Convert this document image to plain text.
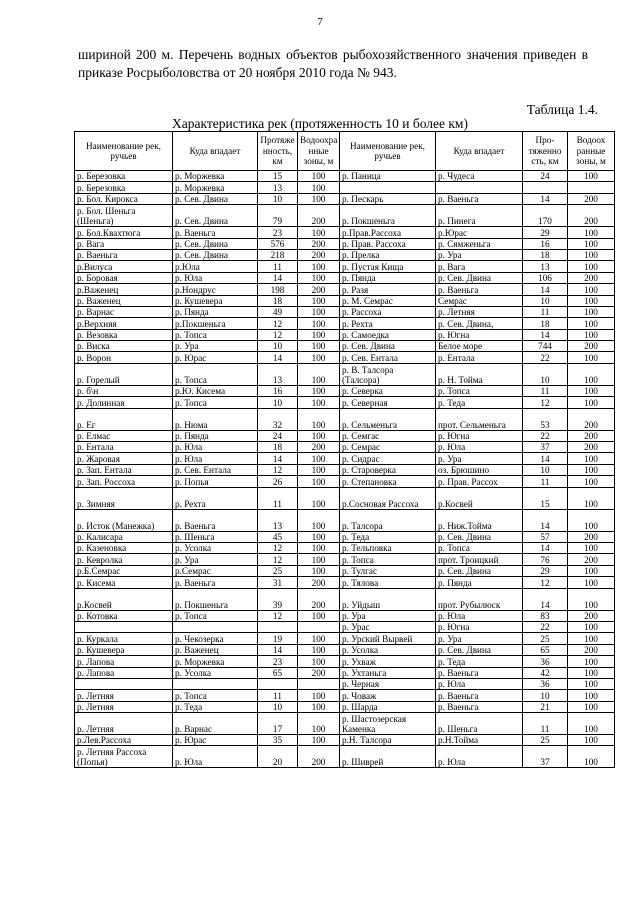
7
шириной 200 м. Перечень водных объектов рыбохозяйственного значения приведен в приказе Росрыболовства от 20 ноября 2010 года № 943.
Таблица 1.4.
Характеристика рек (протяженность 10 и более км)
Наименование рек, ручьев	Куда впадает	Протяже нность, км	Водоохра нные зоны, м	Наименование рек, ручьев	Куда впадает	Про-тяженно сть, км	Водоох ранные зоны, м
р. Березовка	р. Моржевка	15	100	р. Паница	р. Чудеса	24	100
р. Березовка	р. Моржевка	13	100				
р. Бол. Кирокса	р. Сев. Двина	10	100	р. Пескарь	р. Ваеньга	14	200
р. Бол. Шеньга (Шеньга)	р. Сев. Двина	79	200	р. Покшеньга	р. Пинега	170	200
р. Бол.Квахтюга	р. Ваеньга	23	100	р.Прав.Рассоха	р.Юрас	29	100
р. Вага	р. Сев. Двина	576	200	р. Прав. Рассоха	р. Сямженьга	16	100
р. Ваеньга	р. Сев. Двина	218	200	р. Прелка	р. Ура	18	100
р.Вилуса	р.Юла	11	100	р. Пустая Кища	р. Вага	13	100
р. Боровая	р. Юла	14	100	р. Пянда	р. Сев. Двина	106	200
р.Важенец	р.Нондрус	198	200	р. Разя	р. Ваеньга	14	100
р. Важенец	р. Кушевера	18	100	р. М. Семрас	Семрас	10	100
р. Варнас	р. Пянда	49	100	р. Рассоха	р. Летняя	11	100
р.Верхняя	р.Покшеньга	12	100	р. Рехта	р. Сев. Двина,	18	100
р. Везовка	р. Топса	12	100	р. Самоедка	р. Югна	14	100
р. Виска	р. Ура	10	100	р. Сев. Двина	Белое море	744	200
р. Ворон	р. Юрас	14	100	р. Сев. Ентала	р. Ентала	22	100
р. Горелый	р. Топса	13	100	р. В. Талсора (Талсора)	р. Н. Тойма	10	100
р. б\н	р.Ю. Кисема	16	100	р. Северка	р. Топса	11	100
р. Долинная	р. Топса	10	100	р. Северная	р. Теда	12	100
р. Ег	р. Нюма	32	100	р. Сельменьга	прот. Сельменьга	53	200
р. Елмас	р. Пянда	24	100	р. Семгас	р. Югна	22	200
р. Ентала	р. Юла	18	200	р. Семрас	р. Юла	37	200
р. Жаровая	р. Юла	14	100	р. Сидрас	р. Ура	14	100
р. Зап. Ентала	р. Сев. Ентала	12	100	р. Староверка	оз. Брюшино	10	100
р. Зап. Россоха	р. Попья	26	100	р. Степановка	р. Прав. Рассох	11	100
р. Зимняя	р. Рехта	11	100	р.Сосновая Рассоха	р.Косвей	15	100
р. Исток (Манежка)	р. Ваеньга	13	100	р. Талсора	р. Ниж.Тойма	14	100
р. Калисара	р. Шеньга	45	100	р. Теда	р. Сев. Двина	57	200
р. Казеновка	р. Усолка	12	100	р. Тельповка	р. Топса	14	100
р. Кевролка	р. Ура	12	100	р. Топса	прот. Троицкий	76	200
р.Б.Семрас	р.Семрас	25	100	р. Тулгас	р. Сев. Двина	29	100
р. Кисема	р. Ваеньга	31	200	р. Тялова	р. Пянда	12	100
р.Косвей	р. Покшеньга	39	200	р. Уйдыш	прот. Рубылюск	14	100
р. Котовка	р. Топса	12	100	р. Ура	р. Юла	83	200
				р. Урас	р. Югна	22	100
р. Куркала	р. Чекозерка	19	100	р. Урский Вырвей	р. Ура	25	100
р. Кушевера	р. Важенец	14	100	р. Усолка	р. Сев. Двина	65	200
р. Лапова	р. Моржевка	23	100	р. Ухваж	р. Теда	36	100
р. Лапова	р. Усолка	65	200	р. Ухтаньга	р. Ваеньга	42	100
				р. Черная	р. Юла	36	100
р. Летняя	р. Топса	11	100	р. Човаж	р. Ваеньга	10	100
р. Летняя	р. Теда	10	100	р. Шарда	р. Ваеньга	21	100
р. Летняя	р. Варнас	17	100	р. Шастозерская Каменка	р. Шеньга	11	100
р.Лев.Рассоха	р. Юрас	35	100	р.Н. Талсора	р.Н.Тойма	25	100
р. Летняя Рассоха (Попья)	р. Юла	20	200	р. Шиврей	р. Юла	37	100
